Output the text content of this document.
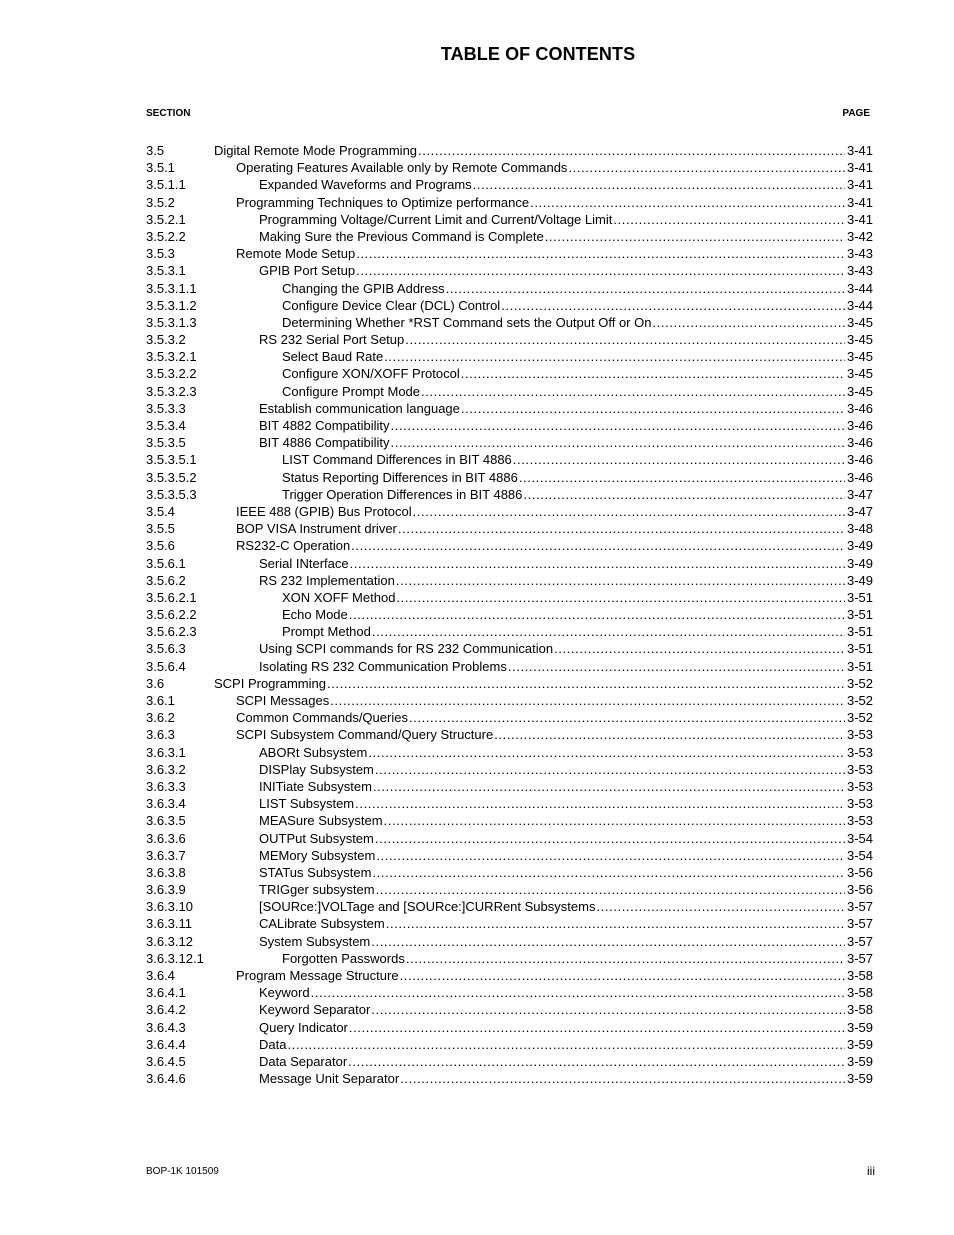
TABLE OF CONTENTS
SECTION	PAGE
3.5	Digital Remote Mode Programming .....	3-41
3.5.1	Operating Features Available only by Remote Commands .....	3-41
3.5.1.1	Expanded Waveforms and Programs .....	3-41
3.5.2	Programming Techniques to Optimize performance .....	3-41
3.5.2.1	Programming Voltage/Current Limit and Current/Voltage Limit .....	3-41
3.5.2.2	Making Sure the Previous Command is Complete .....	3-42
3.5.3	Remote Mode Setup .....	3-43
3.5.3.1	GPIB Port Setup .....	3-43
3.5.3.1.1	Changing the GPIB Address .....	3-44
3.5.3.1.2	Configure Device Clear (DCL) Control .....	3-44
3.5.3.1.3	Determining Whether *RST Command sets the Output Off or On .....	3-45
3.5.3.2	RS 232 Serial Port Setup .....	3-45
3.5.3.2.1	Select Baud Rate .....	3-45
3.5.3.2.2	Configure XON/XOFF Protocol .....	3-45
3.5.3.2.3	Configure Prompt Mode .....	3-45
3.5.3.3	Establish communication language .....	3-46
3.5.3.4	BIT 4882 Compatibility .....	3-46
3.5.3.5	BIT 4886 Compatibility .....	3-46
3.5.3.5.1	LIST Command Differences in BIT 4886 .....	3-46
3.5.3.5.2	Status Reporting Differences in BIT 4886 .....	3-46
3.5.3.5.3	Trigger Operation Differences in BIT 4886 .....	3-47
3.5.4	IEEE 488 (GPIB) Bus Protocol .....	3-47
3.5.5	BOP VISA Instrument driver .....	3-48
3.5.6	RS232-C Operation .....	3-49
3.5.6.1	Serial INterface .....	3-49
3.5.6.2	RS 232 Implementation .....	3-49
3.5.6.2.1	XON XOFF Method .....	3-51
3.5.6.2.2	Echo Mode .....	3-51
3.5.6.2.3	Prompt Method .....	3-51
3.5.6.3	Using SCPI commands for RS 232 Communication .....	3-51
3.5.6.4	Isolating RS 232 Communication Problems .....	3-51
3.6	SCPI Programming .....	3-52
3.6.1	SCPI Messages .....	3-52
3.6.2	Common Commands/Queries .....	3-52
3.6.3	SCPI Subsystem Command/Query Structure .....	3-53
3.6.3.1	ABORt Subsystem .....	3-53
3.6.3.2	DISPlay Subsystem .....	3-53
3.6.3.3	INITiate Subsystem .....	3-53
3.6.3.4	LIST Subsystem .....	3-53
3.6.3.5	MEASure Subsystem .....	3-53
3.6.3.6	OUTPut Subsystem .....	3-54
3.6.3.7	MEMory Subsystem .....	3-54
3.6.3.8	STATus Subsystem .....	3-56
3.6.3.9	TRIGger subsystem .....	3-56
3.6.3.10	[SOURce:]VOLTage and [SOURce:]CURRent Subsystems .....	3-57
3.6.3.11	CALibrate Subsystem .....	3-57
3.6.3.12	System Subsystem .....	3-57
3.6.3.12.1	Forgotten Passwords .....	3-57
3.6.4	Program Message Structure .....	3-58
3.6.4.1	Keyword .....	3-58
3.6.4.2	Keyword Separator .....	3-58
3.6.4.3	Query Indicator .....	3-59
3.6.4.4	Data .....	3-59
3.6.4.5	Data Separator .....	3-59
3.6.4.6	Message Unit Separator .....	3-59
BOP-1K 101509	iii
